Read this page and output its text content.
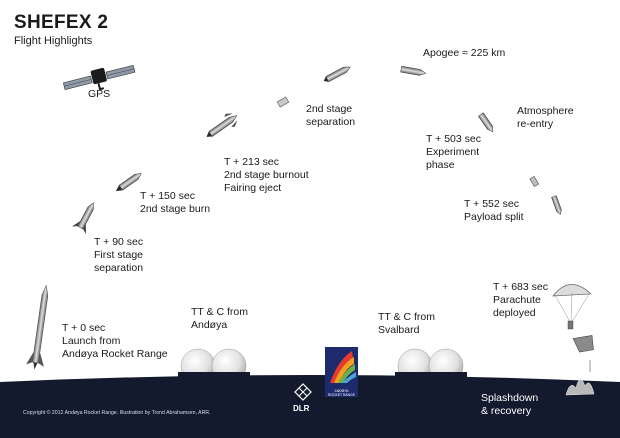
SHEFEX 2
Flight Highlights
GPS
T + 0 sec
Launch from
Andøya Rocket Range
T + 90 sec
First stage
separation
T + 150 sec
2nd stage burn
T + 213 sec
2nd stage burnout
Fairing eject
2nd stage
separation
Apogee ≈ 225 km
Atmosphere
re-entry
T + 503 sec
Experiment
phase
T + 552 sec
Payload split
T + 683 sec
Parachute
deployed
TT & C from
Andøya
TT & C from
Svalbard
Splashdown
& recovery
Copyright © 2012 Andøya Rocket Range. Illustration by Trond Abrahamsen, ARR.	DLR
ANDØYA
ROCKET RANGE
